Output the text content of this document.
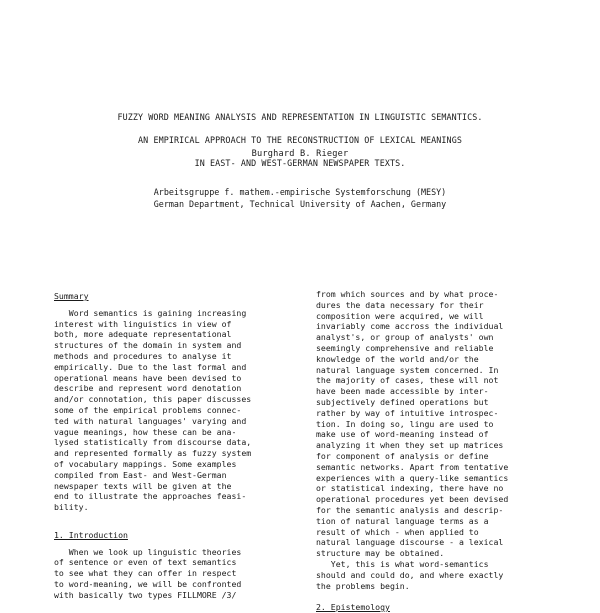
FUZZY WORD MEANING ANALYSIS AND REPRESENTATION IN LINGUISTIC SEMANTICS.

AN EMPIRICAL APPROACH TO THE RECONSTRUCTION OF LEXICAL MEANINGS

IN EAST- AND WEST-GERMAN NEWSPAPER TEXTS.

Burghard B. Rieger
Arbeitsgruppe f. mathem.-empirische Systemforschung (MESY)
German Department, Technical University of Aachen, Germany
Summary
Word semantics is gaining increasing
interest with linguistics in view of
both, more adequate representational
structures of the domain in system and
methods and procedures to analyse it
empirically. Due to the last formal and
operational means have been devised to
describe and represent word denotation
and/or connotation, this paper discusses
some of the empirical problems connec-
ted with natural languages' varying and
vague meanings, how these can be ana-
lysed statistically from discourse data,
and represented formally as fuzzy system
of vocabulary mappings. Some examples
compiled from East- and West-German
newspaper texts will be given at the
end to illustrate the approaches feasi-
bility.
1. Introduction
When we look up linguistic theories
of sentence or even of text semantics
to see what they can offer in respect
to word-meaning, we will be confronted
with basically two types FILLMORE /3/
from which sources and by what proce-
dures the data necessary for their
composition were acquired, we will
invariably come accross the individual
analyst's, or group of analysts' own
seemingly comprehensive and reliable
knowledge of the world and/or the
natural language system concerned. In
the majority of cases, these will not
have been made accessible by inter-
subjectively defined operations but
rather by way of intuitive introspec-
tion. In doing so, lingu are used to
make use of word-meaning instead of
analyzing it when they set up matrices
for component of analysis or define
semantic networks. Apart from tentative
experiences with a query-like semantics
or statistical indexing, there have no
operational procedures yet been devised
for the semantic analysis and descrip-
tion of natural language terms as a
result of which - when applied to
natural language discourse - a lexical
structure may be obtained.
Yet, this is what word-semantics
should and could do, and where exactly
the problems begin.
2. Epistemology
